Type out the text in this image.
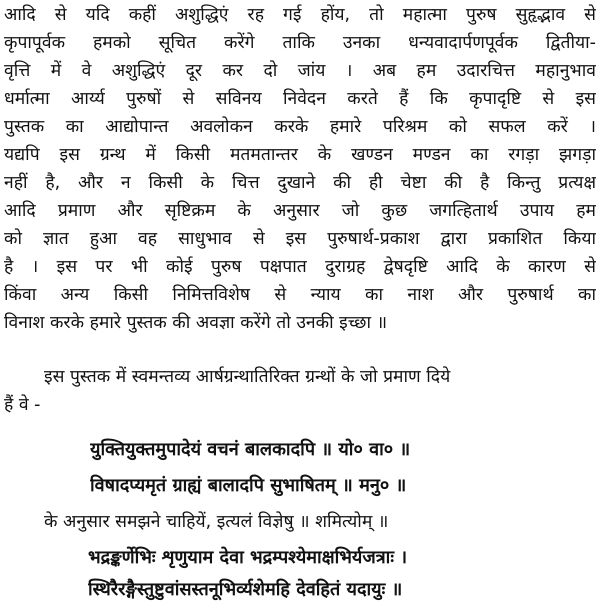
आदि से यदि कहीं अशुद्धिएं रह गई होंय, तो महात्मा पुरुष सुहृद्भाव से
कृपापूर्वक हमको सूचित करेंगे ताकि उनका धन्यवादार्पणपूर्वक द्वितीया-
वृत्ति में वे अशुद्धिएं दूर कर दो जांय । अब हम उदारचित्त महानुभाव
धर्मात्मा आर्य्य पुरुषों से सविनय निवेदन करते हैं कि कृपादृष्टि से इस
पुस्तक का आद्योपान्त अवलोकन करके हमारे परिश्रम को सफल करें ।
यद्यपि इस ग्रन्थ में किसी मतमतान्तर के खण्डन मण्डन का रगड़ा झगड़ा
नहीं है, और न किसी के चित्त दुखाने की ही चेष्टा की है किन्तु प्रत्यक्ष
आदि प्रमाण और सृष्टिक्रम के अनुसार जो कुछ जगत्हितार्थ उपाय हम
को ज्ञात हुआ वह साधुभाव से इस पुरुषार्थ-प्रकाश द्वारा प्रकाशित किया
है । इस पर भी कोई पुरुष पक्षपात दुराग्रह द्वेषदृष्टि आदि के कारण से
किंवा अन्य किसी निमित्तविशेष से न्याय का नाश और पुरुषार्थ का
विनाश करके हमारे पुस्तक की अवज्ञा करेंगे तो उनकी इच्छा ॥
इस पुस्तक में स्वमन्तव्य आर्षग्रन्थातिरिक्त ग्रन्थों के जो प्रमाण दिये
हैं वे -
युक्तियुक्तमुपादेयं वचनं बालकादपि ॥ यो० वा० ॥
विषादप्यमृतं ग्राह्यं बालादपि सुभाषितम् ॥ मनु० ॥
के अनुसार समझने चाहियें, इत्यलं विज्ञेषु ॥ शमित्योम् ॥
भद्रङ्कर्णेभिः शृणुयाम देवा भद्रम्पश्येमाक्षभिर्यजत्राः ।
स्थिरैरङ्गैस्तुष्टुवांसस्तनूभिर्व्यशेमहि देवहितं यदायुः ॥
